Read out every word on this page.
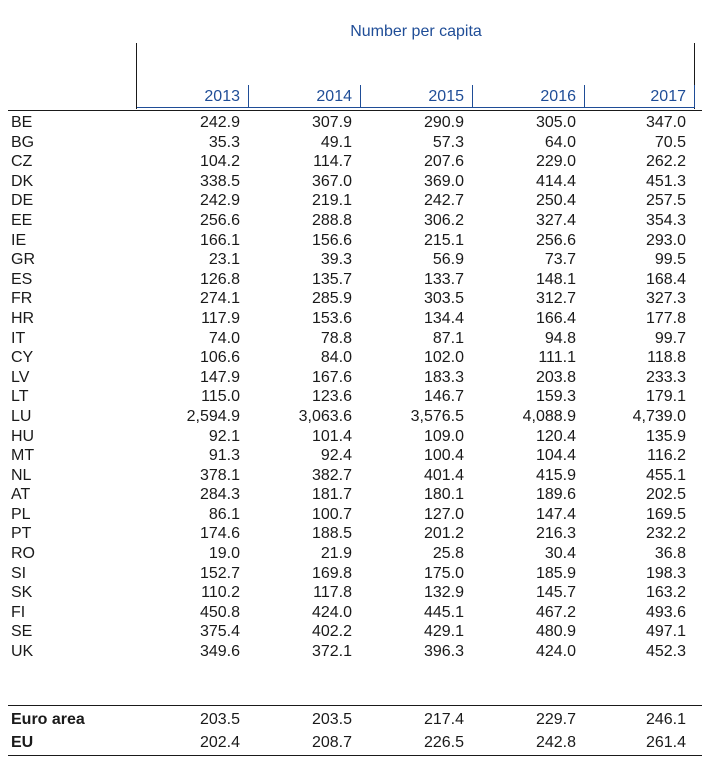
Number per capita
2013	2014	2015	2016	2017
BE	242.9	307.9	290.9	305.0	347.0
BG	35.3	49.1	57.3	64.0	70.5
CZ	104.2	114.7	207.6	229.0	262.2
DK	338.5	367.0	369.0	414.4	451.3
DE	242.9	219.1	242.7	250.4	257.5
EE	256.6	288.8	306.2	327.4	354.3
IE	166.1	156.6	215.1	256.6	293.0
GR	23.1	39.3	56.9	73.7	99.5
ES	126.8	135.7	133.7	148.1	168.4
FR	274.1	285.9	303.5	312.7	327.3
HR	117.9	153.6	134.4	166.4	177.8
IT	74.0	78.8	87.1	94.8	99.7
CY	106.6	84.0	102.0	111.1	118.8
LV	147.9	167.6	183.3	203.8	233.3
LT	115.0	123.6	146.7	159.3	179.1
LU	2,594.9	3,063.6	3,576.5	4,088.9	4,739.0
HU	92.1	101.4	109.0	120.4	135.9
MT	91.3	92.4	100.4	104.4	116.2
NL	378.1	382.7	401.4	415.9	455.1
AT	284.3	181.7	180.1	189.6	202.5
PL	86.1	100.7	127.0	147.4	169.5
PT	174.6	188.5	201.2	216.3	232.2
RO	19.0	21.9	25.8	30.4	36.8
SI	152.7	169.8	175.0	185.9	198.3
SK	110.2	117.8	132.9	145.7	163.2
FI	450.8	424.0	445.1	467.2	493.6
SE	375.4	402.2	429.1	480.9	497.1
UK	349.6	372.1	396.3	424.0	452.3
Euro area	203.5	203.5	217.4	229.7	246.1
EU	202.4	208.7	226.5	242.8	261.4
